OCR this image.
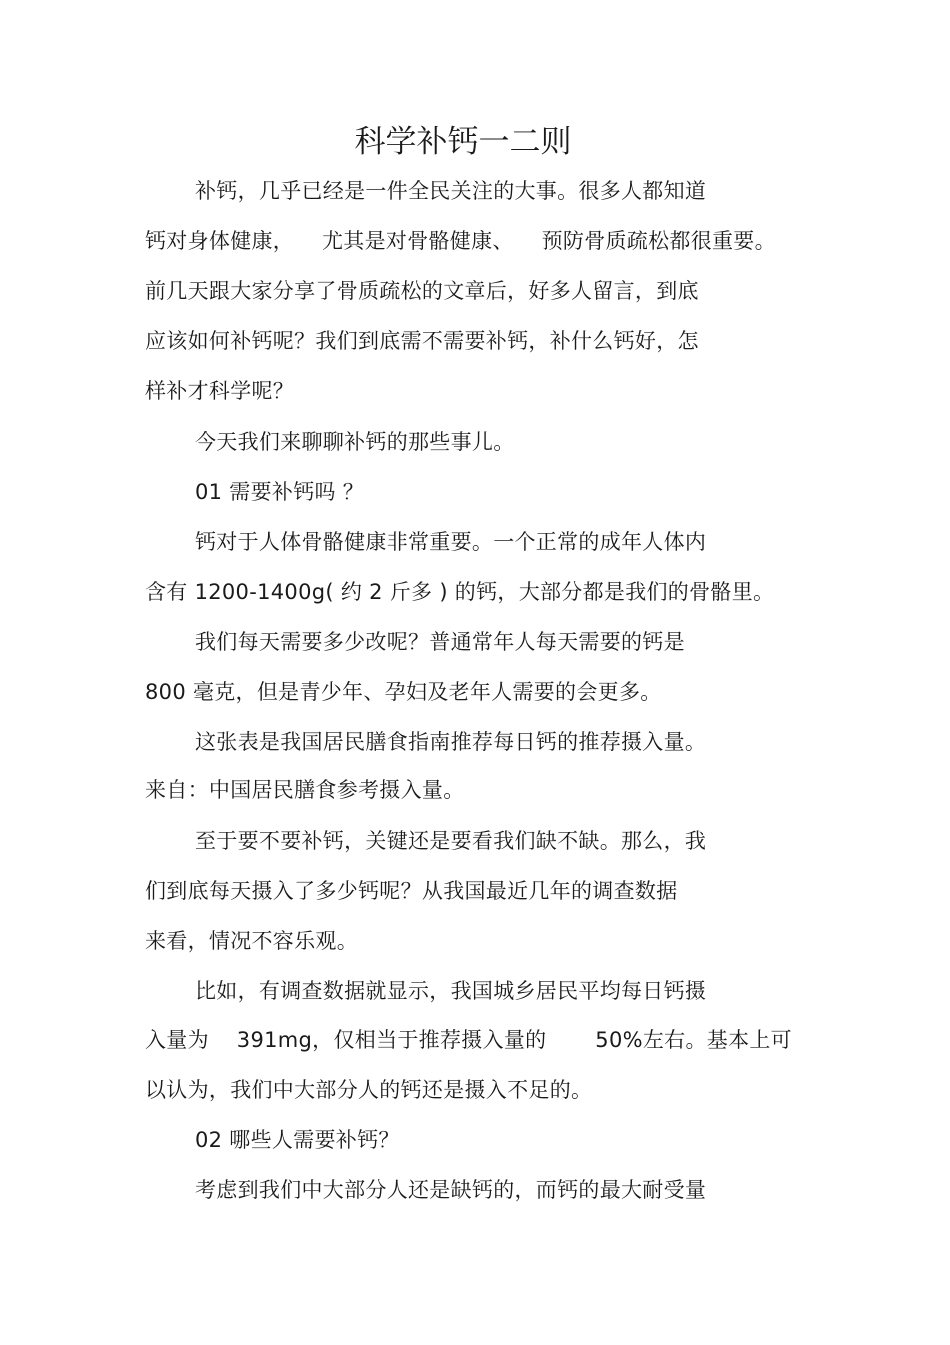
科学补钙一二则
补钙，几乎已经是一件全民关注的大事。很多人都知道
钙对身体健康，    尤其是对骨骼健康、    预防骨质疏松都很重要。
前几天跟大家分享了骨质疏松的文章后，好多人留言，到底
应该如何补钙呢？我们到底需不需要补钙，补什么钙好，怎
样补才科学呢？
今天我们来聊聊补钙的那些事儿。
01 需要补钙吗 ？
钙对于人体骨骼健康非常重要。一个正常的成年人体内
含有 1200-1400g( 约 2 斤多 ) 的钙，大部分都是我们的骨骼里。
我们每天需要多少改呢？普通常年人每天需要的钙是
800 毫克，但是青少年、孕妇及老年人需要的会更多。
这张表是我国居民膳食指南推荐每日钙的推荐摄入量。
来自：中国居民膳食参考摄入量。
至于要不要补钙，关键还是要看我们缺不缺。那么，我
们到底每天摄入了多少钙呢？从我国最近几年的调查数据
来看，情况不容乐观。
比如，有调查数据就显示，我国城乡居民平均每日钙摄
入量为    391mg，仅相当于推荐摄入量的       50%左右。基本上可
以认为，我们中大部分人的钙还是摄入不足的。
02 哪些人需要补钙？
考虑到我们中大部分人还是缺钙的，而钙的最大耐受量
